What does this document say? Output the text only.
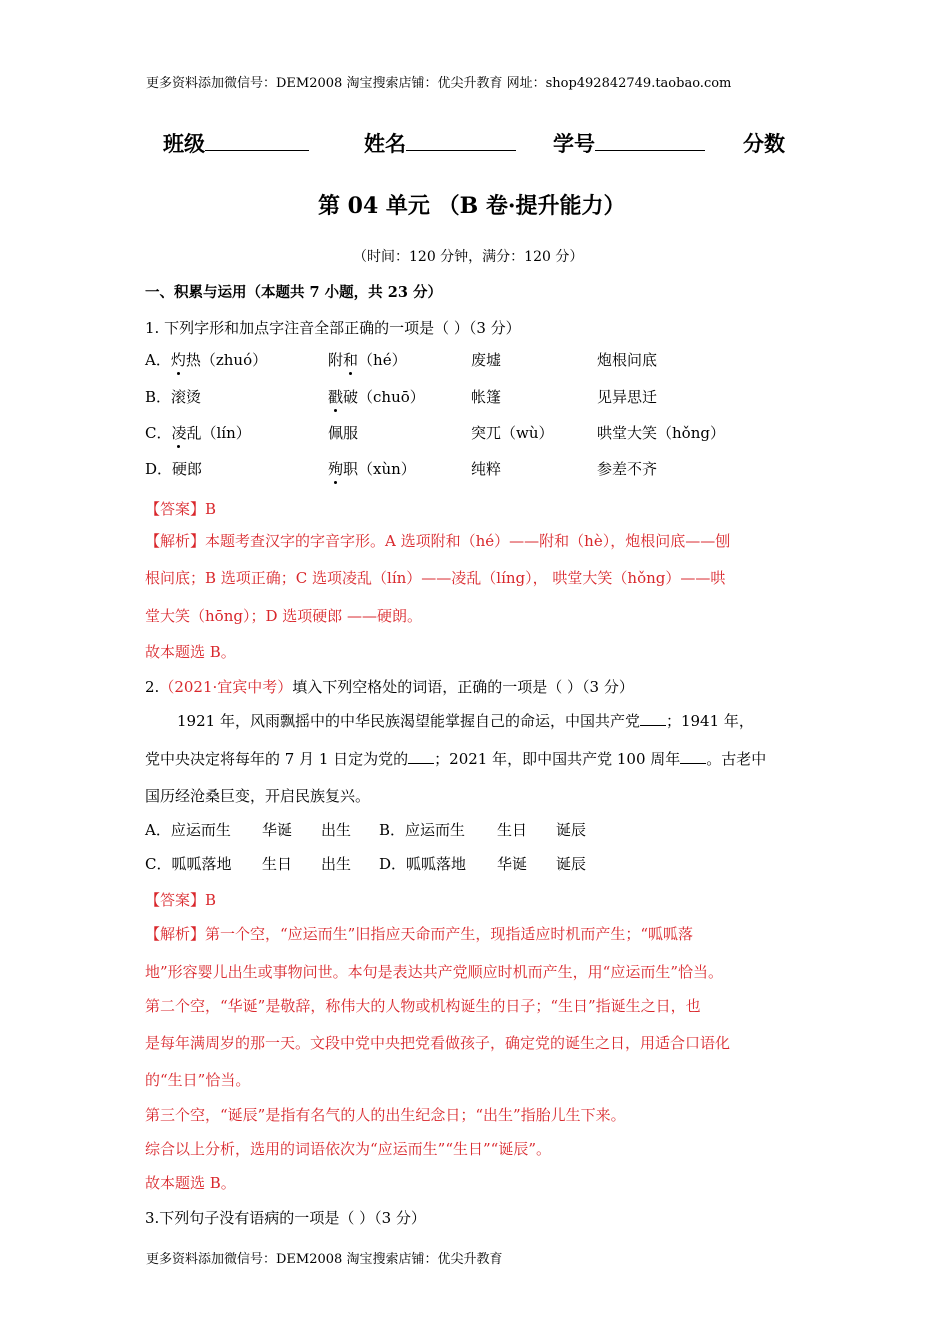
更多资料添加微信号：DEM2008 淘宝搜索店铺：优尖升教育 网址：shop492842749.taobao.com
班级	姓名	学号	分数
第 04 单元 （B 卷·提升能力）
（时间：120 分钟，满分：120 分）
一、积累与运用（本题共 7 小题，共 23 分）
1. 下列字形和加点字注音全部正确的一项是（ ）（3 分）
A．灼热（zhuó）	附和（hé）	废墟	炮根问底
B．滚烫	戳破（chuō）	帐篷	见异思迁
C．凌乱（lín）	佩服	突兀（wù）	哄堂大笑（hǒng）
D．硬郎	殉职（xùn）	纯粹	参差不齐
【答案】B
【解析】本题考查汉字的字音字形。A 选项附和（hé）——附和（hè），炮根问底——刨
根问底；B 选项正确；C 选项凌乱（lín）——凌乱（líng）， 哄堂大笑（hǒng）——哄
堂大笑（hōng）；D 选项硬郎 ——硬朗。
故本题选 B。
2.（2021·宜宾中考）填入下列空格处的词语，正确的一项是（ ）（3 分）
1921 年，风雨飘摇中的中华民族渴望能掌握自己的命运，中国共产党 ；1941 年，
党中央决定将每年的 7 月 1 日定为党的 ；2021 年，即中国共产党 100 周年 。古老中
国历经沧桑巨变，开启民族复兴。
A．应运而生 华诞 出生 B．应运而生 生日 诞辰
C．呱呱落地 生日 出生 D．呱呱落地 华诞 诞辰
【答案】B
【解析】第一个空，“应运而生”旧指应天命而产生，现指适应时机而产生；“呱呱落
地”形容婴儿出生或事物问世。本句是表达共产党顺应时机而产生，用“应运而生”恰当。
第二个空，“华诞”是敬辞，称伟大的人物或机构诞生的日子；“生日”指诞生之日，也
是每年满周岁的那一天。文段中党中央把党看做孩子，确定党的诞生之日，用适合口语化
的“生日”恰当。
第三个空，“诞辰”是指有名气的人的出生纪念日；“出生”指胎儿生下来。
综合以上分析，选用的词语依次为“应运而生”“生日”“诞辰”。
故本题选 B。
3.下列句子没有语病的一项是（ ）（3 分）
更多资料添加微信号：DEM2008 淘宝搜索店铺：优尖升教育
